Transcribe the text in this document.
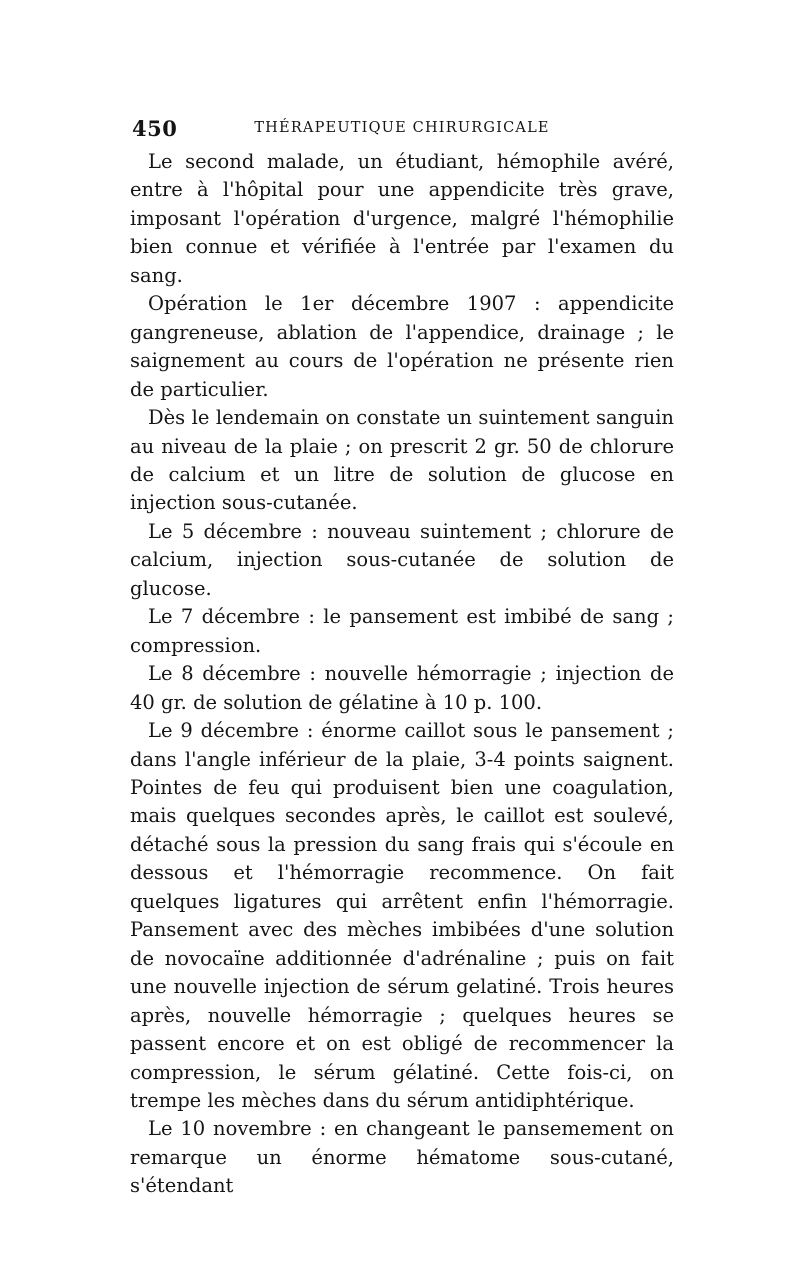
450	THÉRAPEUTIQUE CHIRURGICALE

Le second malade, un étudiant, hémophile avéré, entre à l'hôpital pour une appendicite très grave, imposant l'opération d'urgence, malgré l'hémophilie bien connue et vérifiée à l'entrée par l'examen du sang.

Opération le 1er décembre 1907 : appendicite gangreneuse, ablation de l'appendice, drainage ; le saignement au cours de l'opération ne présente rien de particulier.

Dès le lendemain on constate un suintement sanguin au niveau de la plaie ; on prescrit 2 gr. 50 de chlorure de calcium et un litre de solution de glucose en injection sous-cutanée.

Le 5 décembre : nouveau suintement ; chlorure de calcium, injection sous-cutanée de solution de glucose.

Le 7 décembre : le pansement est imbibé de sang ; compression.

Le 8 décembre : nouvelle hémorragie ; injection de 40 gr. de solution de gélatine à 10 p. 100.

Le 9 décembre : énorme caillot sous le pansement ; dans l'angle inférieur de la plaie, 3-4 points saignent. Pointes de feu qui produisent bien une coagulation, mais quelques secondes après, le caillot est soulevé, détaché sous la pression du sang frais qui s'écoule en dessous et l'hémorragie recommence. On fait quelques ligatures qui arrêtent enfin l'hémorragie. Pansement avec des mèches imbibées d'une solution de novocaïne additionnée d'adrénaline ; puis on fait une nouvelle injection de sérum gelatiné. Trois heures après, nouvelle hémorragie ; quelques heures se passent encore et on est obligé de recommencer la compression, le sérum gélatiné. Cette fois-ci, on trempe les mèches dans du sérum antidiphtérique.

Le 10 novembre : en changeant le pansemement on remarque un énorme hématome sous-cutané, s'étendant
